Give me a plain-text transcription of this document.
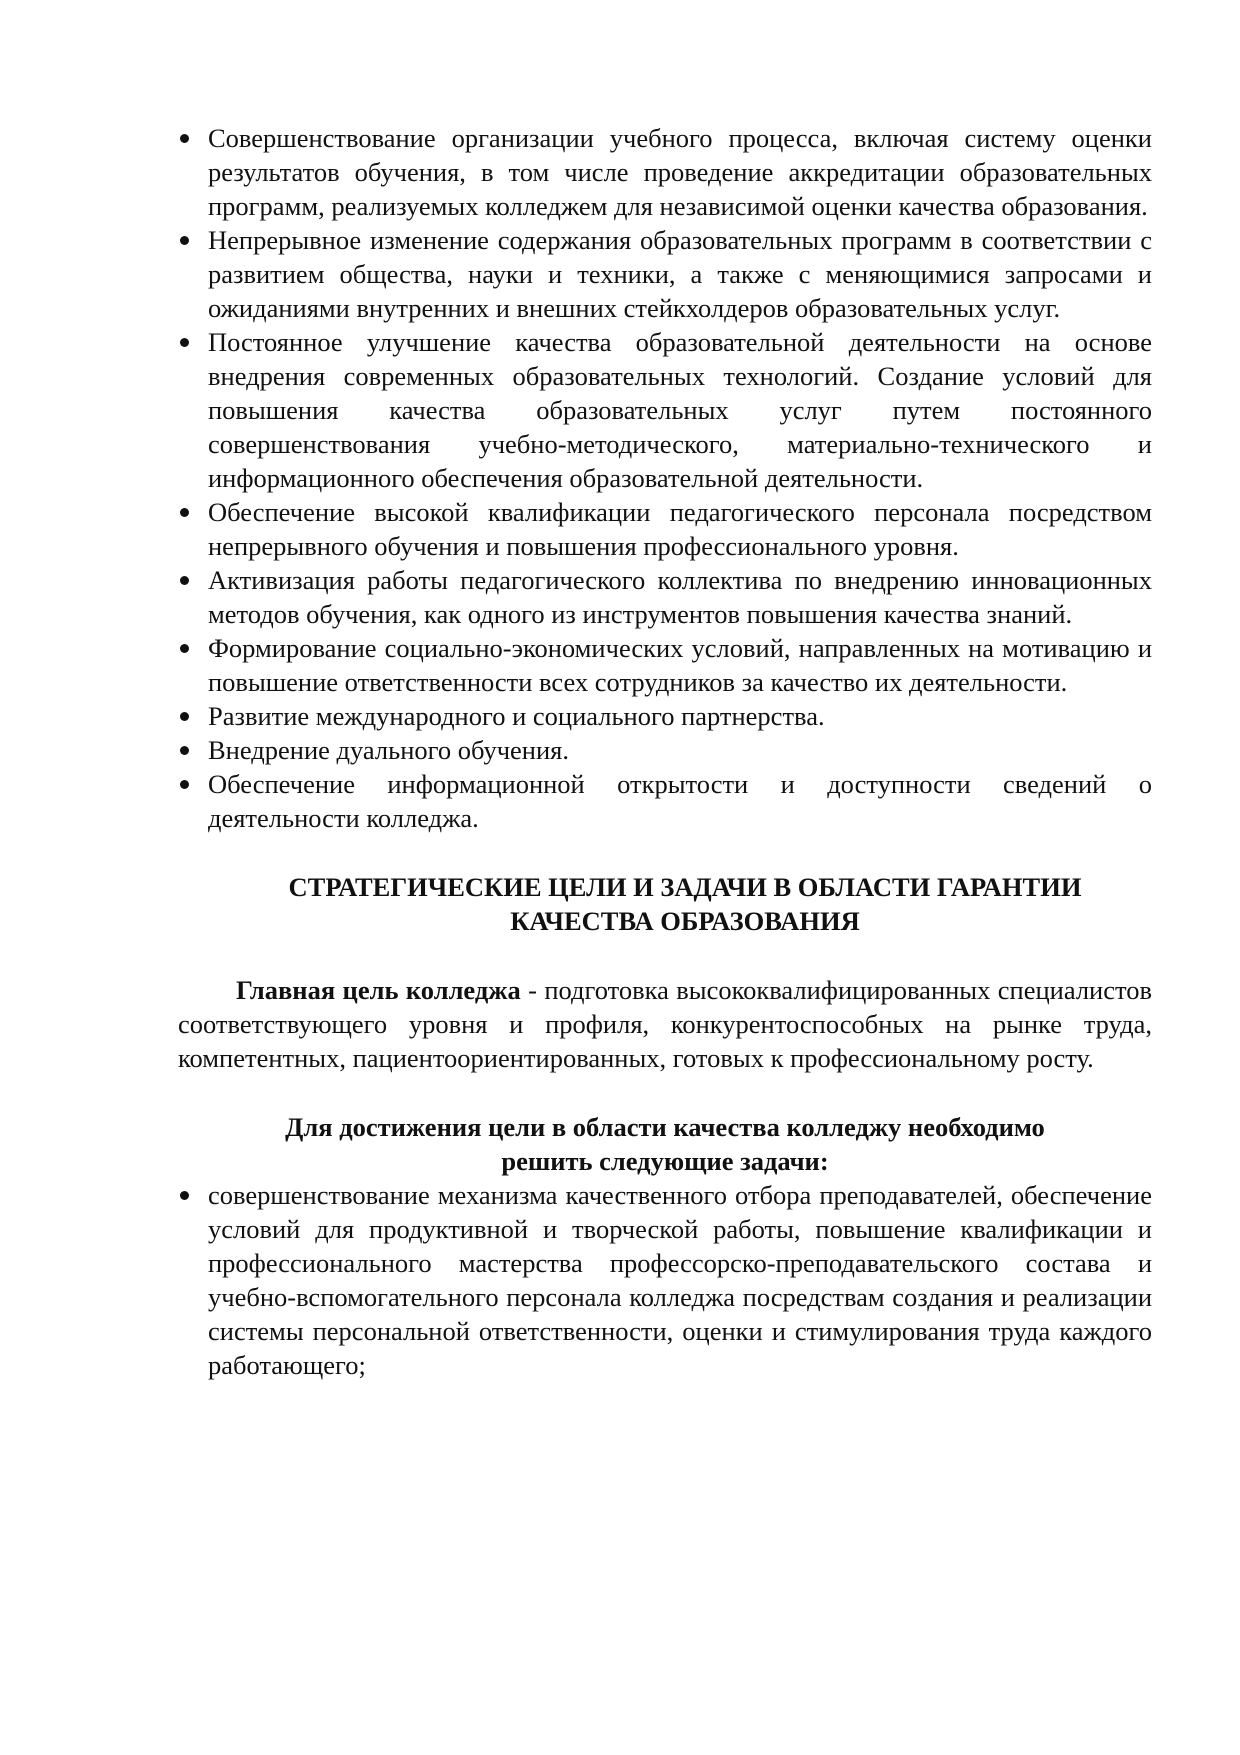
Совершенствование организации учебного процесса, включая систему оценки результатов обучения, в том числе проведение аккредитации образовательных программ, реализуемых колледжем для независимой оценки качества образования.
Непрерывное изменение содержания образовательных программ в соответствии с развитием общества, науки и техники, а также с меняющимися запросами и ожиданиями внутренних и внешних стейкхолдеров образовательных услуг.
Постоянное улучшение качества образовательной деятельности на основе внедрения современных образовательных технологий. Создание условий для повышения качества образовательных услуг путем постоянного совершенствования учебно-методического, материально-технического и информационного обеспечения образовательной деятельности.
Обеспечение высокой квалификации педагогического персонала посредством непрерывного обучения и повышения профессионального уровня.
Активизация работы педагогического коллектива по внедрению инновационных методов обучения, как одного из инструментов повышения качества знаний.
Формирование социально-экономических условий, направленных на мотивацию и повышение ответственности всех сотрудников за качество их деятельности.
Развитие международного и социального партнерства.
Внедрение дуального обучения.
Обеспечение информационной открытости и доступности сведений о деятельности колледжа.
СТРАТЕГИЧЕСКИЕ ЦЕЛИ И ЗАДАЧИ В ОБЛАСТИ ГАРАНТИИ
КАЧЕСТВА ОБРАЗОВАНИЯ

Главная цель колледжа - подготовка высококвалифицированных специалистов соответствующего уровня и профиля, конкурентоспособных на рынке труда, компетентных, пациентоориентированных, готовых к профессиональному росту.

Для достижения цели в области качества колледжу необходимо
решить следующие задачи:
совершенствование механизма качественного отбора преподавателей, обеспечение условий для продуктивной и творческой работы, повышение квалификации и профессионального мастерства профессорско-преподавательского состава и учебно-вспомогательного персонала колледжа посредствам создания и реализации системы персональной ответственности, оценки и стимулирования труда каждого работающего;
